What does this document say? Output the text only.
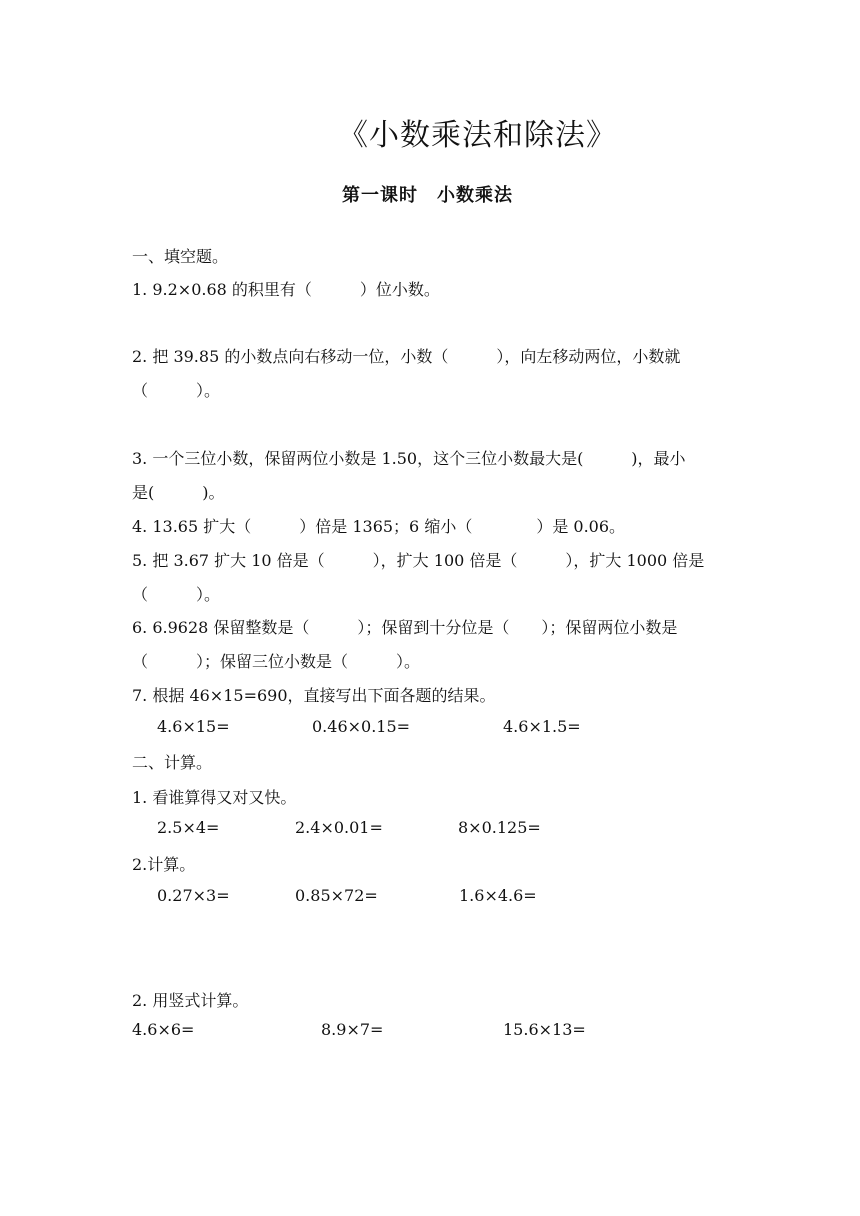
《小数乘法和除法》
第一课时　小数乘法
一、填空题。
1. 9.2×0.68 的积里有（　　　）位小数。
2. 把 39.85 的小数点向右移动一位，小数（　　　），向左移动两位，小数就
（　　　）。
3. 一个三位小数，保留两位小数是 1.50，这个三位小数最大是(　　　)，最小
是(　　　)。
4. 13.65 扩大（　　　）倍是 1365；6 缩小（　　　　）是 0.06。
5. 把 3.67 扩大 10 倍是（　　　），扩大 100 倍是（　　　），扩大 1000 倍是
（　　　）。
6. 6.9628 保留整数是（　　　）；保留到十分位是（　　）；保留两位小数是
（　　　）；保留三位小数是（　　　）。
7. 根据 46×15=690，直接写出下面各题的结果。
4.6×15=	0.46×0.15=	4.6×1.5=
二、计算。
1. 看谁算得又对又快。
2.5×4=	2.4×0.01=	8×0.125=
2.计算。
0.27×3=	0.85×72=	1.6×4.6=
2. 用竖式计算。
4.6×6=	8.9×7=	15.6×13=
